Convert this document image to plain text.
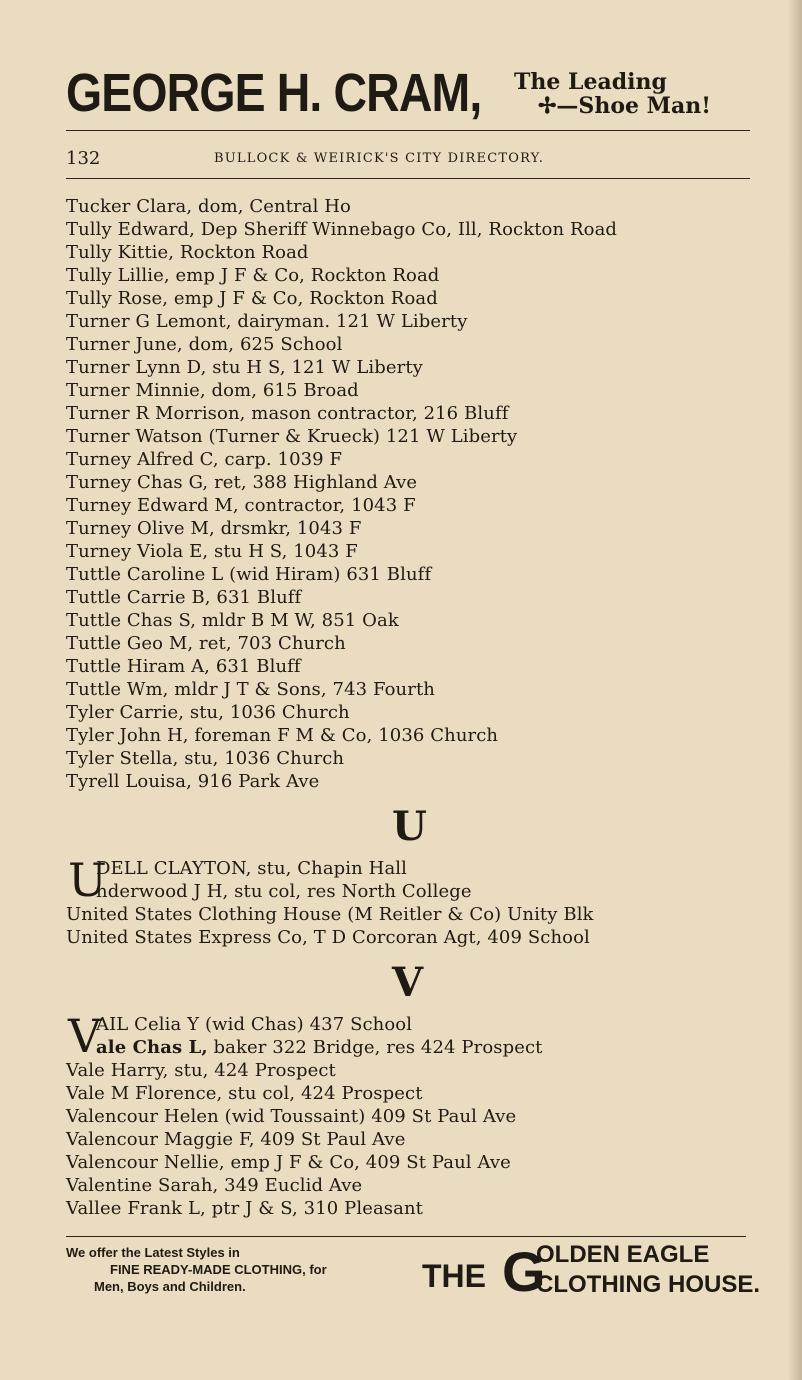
GEORGE H. CRAM, The Leading
✢—Shoe Man!
132	BULLOCK & WEIRICK'S CITY DIRECTORY.
Tucker Clara, dom, Central Ho
Tully Edward, Dep Sheriff Winnebago Co, Ill, Rockton Road
Tully Kittie, Rockton Road
Tully Lillie, emp J F & Co, Rockton Road
Tully Rose, emp J F & Co, Rockton Road
Turner G Lemont, dairyman. 121 W Liberty
Turner June, dom, 625 School
Turner Lynn D, stu H S, 121 W Liberty
Turner Minnie, dom, 615 Broad
Turner R Morrison, mason contractor, 216 Bluff
Turner Watson (Turner & Krueck) 121 W Liberty
Turney Alfred C, carp. 1039 F
Turney Chas G, ret, 388 Highland Ave
Turney Edward M, contractor, 1043 F
Turney Olive M, drsmkr, 1043 F
Turney Viola E, stu H S, 1043 F
Tuttle Caroline L (wid Hiram) 631 Bluff
Tuttle Carrie B, 631 Bluff
Tuttle Chas S, mldr B M W, 851 Oak
Tuttle Geo M, ret, 703 Church
Tuttle Hiram A, 631 Bluff
Tuttle Wm, mldr J T & Sons, 743 Fourth
Tyler Carrie, stu, 1036 Church
Tyler John H, foreman F M & Co, 1036 Church
Tyler Stella, stu, 1036 Church
Tyrell Louisa, 916 Park Ave
U
U
DELL CLAYTON, stu, Chapin Hall
nderwood J H, stu col, res North College
United States Clothing House (M Reitler & Co) Unity Blk
United States Express Co, T D Corcoran Agt, 409 School
V
V
AIL Celia Y (wid Chas) 437 School
ale Chas L, baker 322 Bridge, res 424 Prospect
Vale Harry, stu, 424 Prospect
Vale M Florence, stu col, 424 Prospect
Valencour Helen (wid Toussaint) 409 St Paul Ave
Valencour Maggie F, 409 St Paul Ave
Valencour Nellie, emp J F & Co, 409 St Paul Ave
Valentine Sarah, 349 Euclid Ave
Vallee Frank L, ptr J & S, 310 Pleasant
We offer the Latest Styles in
FINE READY-MADE CLOTHING, for
Men, Boys and Children.	THE G
OLDEN EAGLE
CLOTHING HOUSE.
